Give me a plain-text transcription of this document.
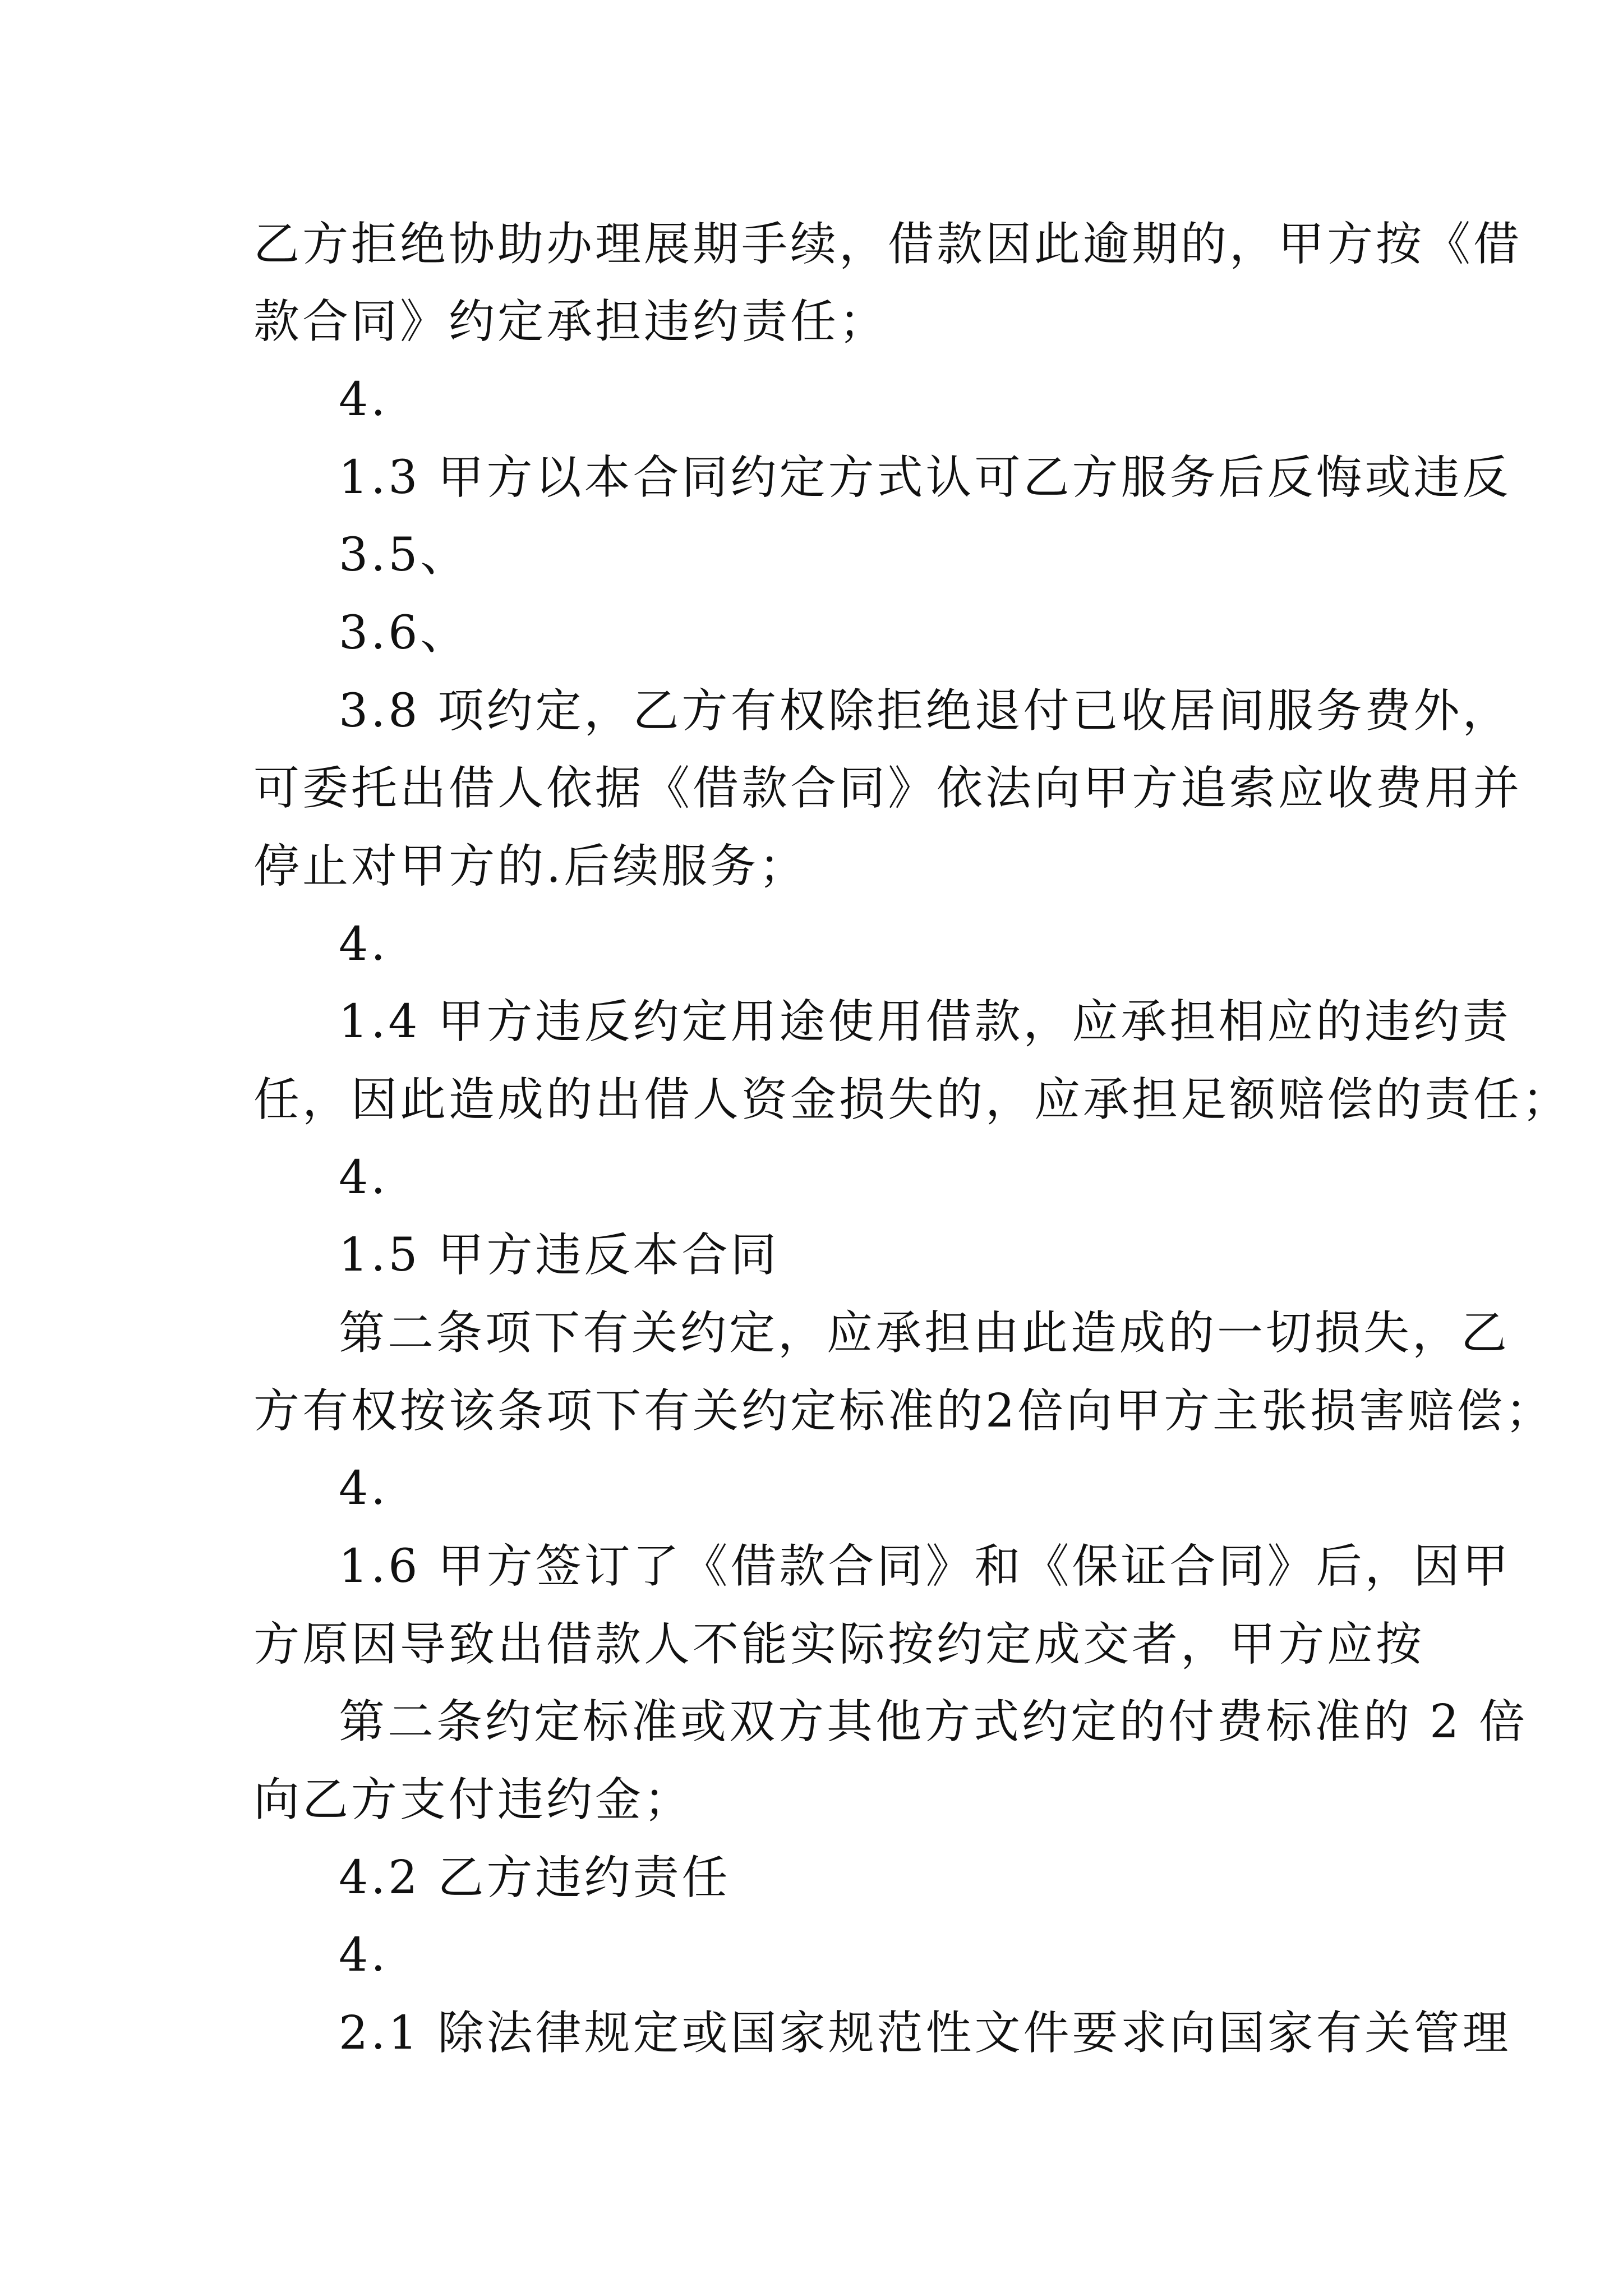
乙方拒绝协助办理展期手续，借款因此逾期的，甲方按《借
款合同》约定承担违约责任；
4.
1.3 甲方以本合同约定方式认可乙方服务后反悔或违反
3.5、
3.6、
3.8 项约定，乙方有权除拒绝退付已收居间服务费外，
可委托出借人依据《借款合同》依法向甲方追索应收费用并
停止对甲方的.后续服务；
4.
1.4 甲方违反约定用途使用借款，应承担相应的违约责
任，因此造成的出借人资金损失的，应承担足额赔偿的责任；
4.
1.5 甲方违反本合同
第二条项下有关约定，应承担由此造成的一切损失，乙
方有权按该条项下有关约定标准的2倍向甲方主张损害赔偿；
4.
1.6 甲方签订了《借款合同》和《保证合同》后，因甲
方原因导致出借款人不能实际按约定成交者，甲方应按
第二条约定标准或双方其他方式约定的付费标准的 2 倍
向乙方支付违约金；
4.2 乙方违约责任
4.
2.1 除法律规定或国家规范性文件要求向国家有关管理
